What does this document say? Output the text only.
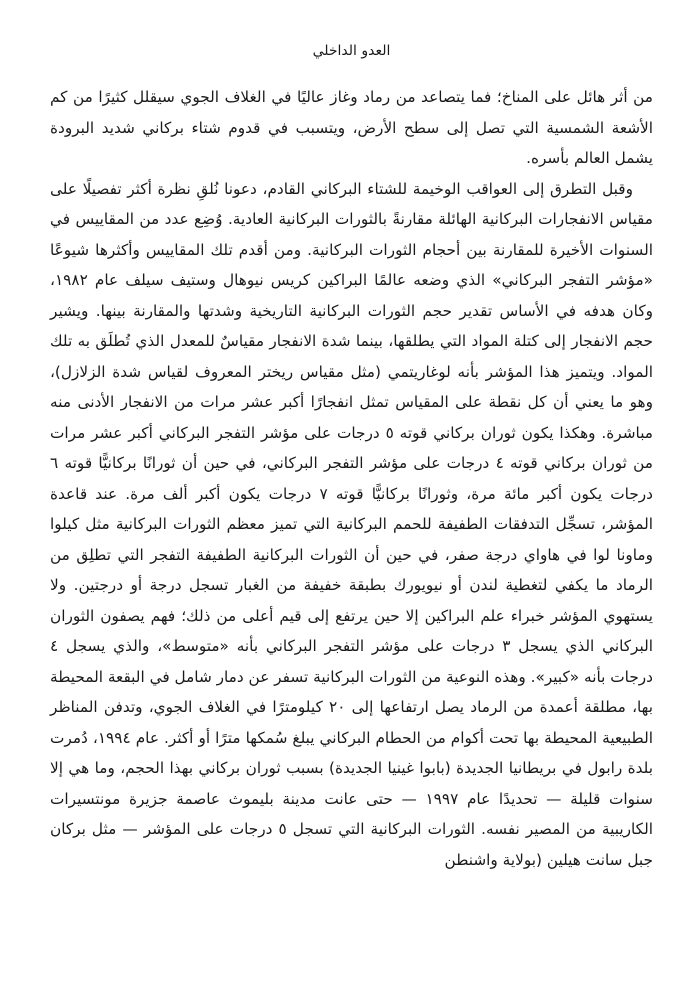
العدو الداخلي

من أثر هائل على المناخ؛ فما يتصاعد من رماد وغاز عاليًا في الغلاف الجوي سيقلل كثيرًا من كم الأشعة الشمسية التي تصل إلى سطح الأرض، ويتسبب في قدوم شتاء بركاني شديد البرودة يشمل العالم بأسره.

وقبل التطرق إلى العواقب الوخيمة للشتاء البركاني القادم، دعونا نُلقِ نظرة أكثر تفصيلًا على مقياس الانفجارات البركانية الهائلة مقارنةً بالثورات البركانية العادية. وُضِع عدد من المقاييس في السنوات الأخيرة للمقارنة بين أحجام الثورات البركانية. ومن أقدم تلك المقاييس وأكثرها شيوعًا «مؤشر التفجر البركاني» الذي وضعه عالمًا البراكين كريس نيوهال وستيف سيلف عام ١٩٨٢، وكان هدفه في الأساس تقدير حجم الثورات البركانية التاريخية وشدتها والمقارنة بينها. ويشير حجم الانفجار إلى كتلة المواد التي يطلقها، بينما شدة الانفجار مقياسٌ للمعدل الذي تُطلَق به تلك المواد. ويتميز هذا المؤشر بأنه لوغاريتمي (مثل مقياس ريختر المعروف لقياس شدة الزلازل)، وهو ما يعني أن كل نقطة على المقياس تمثل انفجارًا أكبر عشر مرات من الانفجار الأدنى منه مباشرة. وهكذا يكون ثوران بركاني قوته ٥ درجات على مؤشر التفجر البركاني أكبر عشر مرات من ثوران بركاني قوته ٤ درجات على مؤشر التفجر البركاني، في حين أن ثورانًا بركانيًّا قوته ٦ درجات يكون أكبر مائة مرة، وثورانًا بركانيًّا قوته ٧ درجات يكون أكبر ألف مرة. عند قاعدة المؤشر، تسجِّل التدفقات الطفيفة للحمم البركانية التي تميز معظم الثورات البركانية مثل كيلوا وماونا لوا في هاواي درجة صفر، في حين أن الثورات البركانية الطفيفة التفجر التي تطلِق من الرماد ما يكفي لتغطية لندن أو نيويورك بطبقة خفيفة من الغبار تسجل درجة أو درجتين. ولا يستهوي المؤشر خبراء علم البراكين إلا حين يرتفع إلى قيم أعلى من ذلك؛ فهم يصفون الثوران البركاني الذي يسجل ٣ درجات على مؤشر التفجر البركاني بأنه «متوسط»، والذي يسجل ٤ درجات بأنه «كبير». وهذه النوعية من الثورات البركانية تسفر عن دمار شامل في البقعة المحيطة بها، مطلقة أعمدة من الرماد يصل ارتفاعها إلى ٢٠ كيلومترًا في الغلاف الجوي، وتدفن المناظر الطبيعية المحيطة بها تحت أكوام من الحطام البركاني يبلغ سُمكها مترًا أو أكثر. عام ١٩٩٤، دُمرت بلدة رابول في بريطانيا الجديدة (بابوا غينيا الجديدة) بسبب ثوران بركاني بهذا الحجم، وما هي إلا سنوات قليلة — تحديدًا عام ١٩٩٧ — حتى عانت مدينة بليموث عاصمة جزيرة مونتسيرات الكاريبية من المصير نفسه. الثورات البركانية التي تسجل ٥ درجات على المؤشر — مثل بركان جبل سانت هيلين (بولاية واشنطن
